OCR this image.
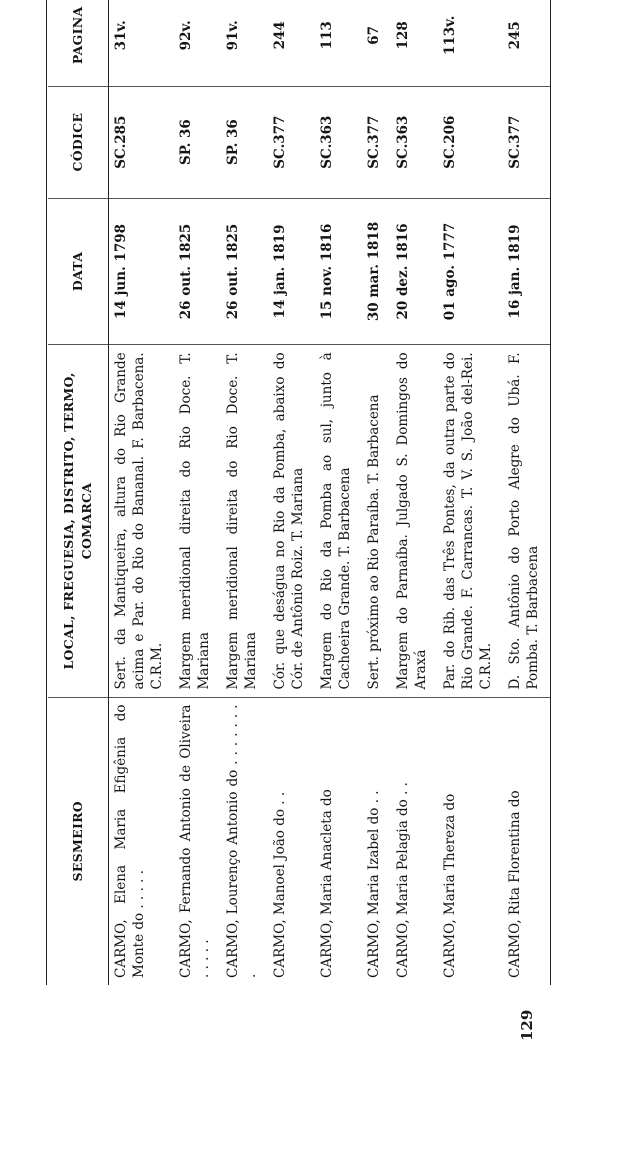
SESMEIRO	LOCAL, FREGUESIA, DISTRITO, TERMO, COMARCA	DATA	CÓDICE	PAGINA
CARMO, Elena Maria Efigênia do Monte do . . . . .	Sert. da Mantiqueira, altura do Rio Grande acima e Par. do Rio do Bananal. F. Barbacena. C.R.M.	14 jun. 1798	SC.285	31v.
CARMO, Fernando Antonio de Oliveira . . . . .	Margem meridional direita do Rio Doce. T. Mariana	26 out. 1825	SP. 36	92v.
CARMO, Lourenço Antonio do . . . . . . . .	Margem meridional direita do Rio Doce. T. Mariana	26 out. 1825	SP. 36	91v.
CARMO, Manoel João do . .	Cór. que deságua no Rio da Pomba, abaixo do Cór. de Antônio Roiz. T. Mariana	14 jan. 1819	SC.377	244
CARMO, Maria Anacleta do	Margem do Rio da Pomba ao sul, junto à Cachoeira Grande. T. Barbacena	15 nov. 1816	SC.363	113
CARMO, Maria Izabel do . .	Sert. próximo ao Rio Paraíba. T. Barbacena	30 mar. 1818	SC.377	67
CARMO, Maria Pelagia do . .	Margem do Parnaíba. Julgado S. Domingos do Araxá	20 dez. 1816	SC.363	128
CARMO, Maria Thereza do	Par. do Rib. das Três Pontes, da outra parte do Rio Grande. F. Carrancas. T. V. S. João del-Rei. C.R.M.	01 ago. 1777	SC.206	113v.
CARMO, Rita Florentina do	D. Sto. Antônio do Porto Alegre do Ubá. F. Pomba. T. Barbacena	16 jan. 1819	SC.377	245
129
